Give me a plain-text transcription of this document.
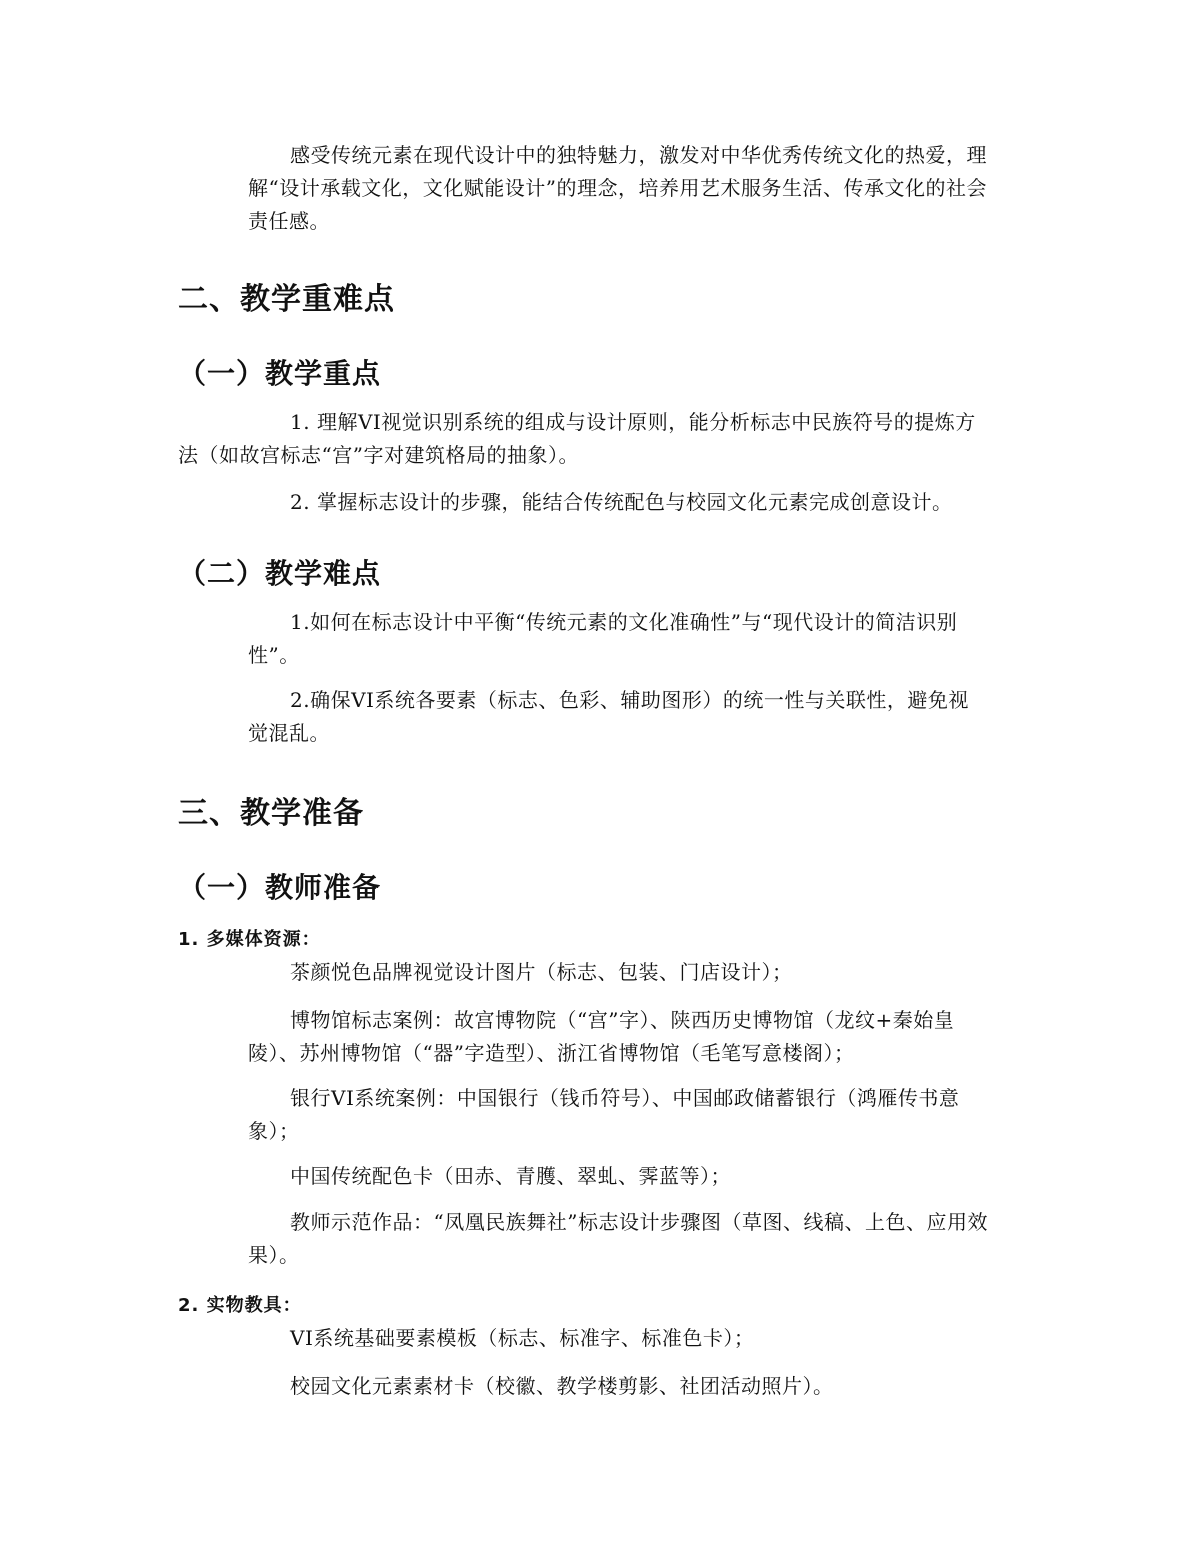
感受传统元素在现代设计中的独特魅力，激发对中华优秀传统文化的热爱，理
解“设计承载文化，文化赋能设计”的理念，培养用艺术服务生活、传承文化的社会
责任感。
二、教学重难点
（一）教学重点
1. 理解VI视觉识别系统的组成与设计原则，能分析标志中民族符号的提炼方
法（如故宫标志“宫”字对建筑格局的抽象）。
2. 掌握标志设计的步骤，能结合传统配色与校园文化元素完成创意设计。
（二）教学难点
1.如何在标志设计中平衡“传统元素的文化准确性”与“现代设计的简洁识别
性”。
2.确保VI系统各要素（标志、色彩、辅助图形）的统一性与关联性，避免视
觉混乱。
三、教学准备
（一）教师准备
1. 多媒体资源：
茶颜悦色品牌视觉设计图片（标志、包装、门店设计）；
博物馆标志案例：故宫博物院（“宫”字）、陕西历史博物馆（龙纹+秦始皇
陵）、苏州博物馆（“器”字造型）、浙江省博物馆（毛笔写意楼阁）；
银行VI系统案例：中国银行（钱币符号）、中国邮政储蓄银行（鸿雁传书意
象）；
中国传统配色卡（田赤、青臒、翠虬、霁蓝等）；
教师示范作品：“凤凰民族舞社”标志设计步骤图（草图、线稿、上色、应用效
果）。
2. 实物教具：
VI系统基础要素模板（标志、标准字、标准色卡）；
校园文化元素素材卡（校徽、教学楼剪影、社团活动照片）。
